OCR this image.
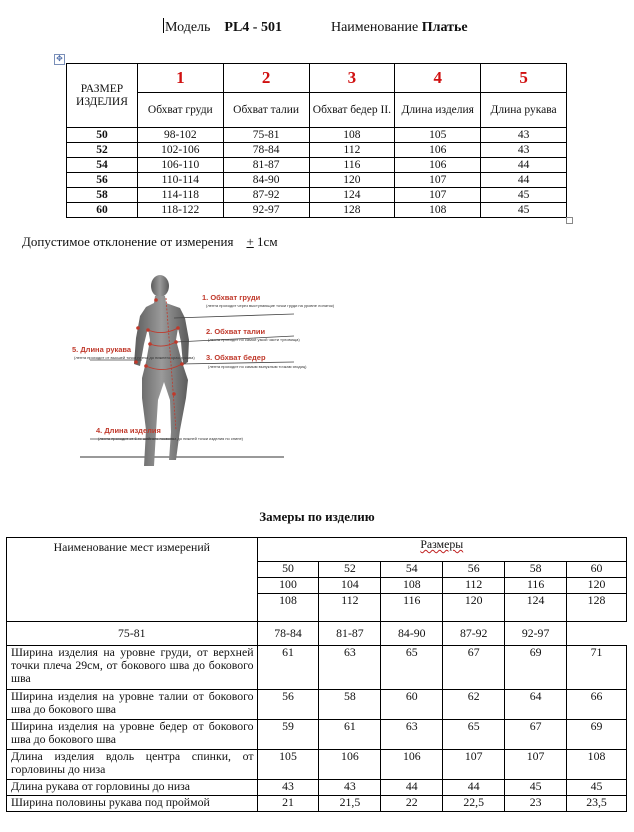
Модель PL4 - 501	Наименование Платье
✥
РАЗМЕР ИЗДЕЛИЯ	1	2	3	4	5
	Обхват груди	Обхват талии	Обхват бедер II.	Длина изделия	Длина рукава
50	98-102	75-81	108	105	43
52	102-106	78-84	112	106	43
54	106-110	81-87	116	106	44
56	110-114	84-90	120	107	44
58	114-118	87-92	124	107	45
60	118-122	92-97	128	108	45
Допустимое отклонение от измерения + 1см
1. Обхват груди
(лента проходит через выступающие точки груди на уровне лопаток)
2. Обхват талии
(лента проходит по самой узкой части туловища)
3. Обхват бедер
(лента проходит по самым выпуклым точкам ягодиц)
5. Длина рукава
(лента проходит от высшей точки плеча до нижнего края рукава)
4. Длина изделия
(лента проходит от 6-го шейного позвонка до нижней точки изделия по спине)
Замеры по изделию
Наименование мест измерений	Размеры					
	50	52	54	56	58	60
	100	104	108	112	116	120
	108	112	116	120	124	128
75-81	78-84	81-87	84-90	87-92	92-97	
Ширина изделия на уровне груди, от верхней точки плеча 29см, от бокового шва до бокового шва	61	63	65	67	69	71
Ширина изделия на уровне талии от бокового шва до бокового шва	56	58	60	62	64	66
Ширина изделия на уровне бедер от бокового шва до бокового шва	59	61	63	65	67	69
Длина изделия вдоль центра спинки, от горловины до низа	105	106	106	107	107	108
Длина рукава от горловины до низа	43	43	44	44	45	45
Ширина половины рукава под проймой	21	21,5	22	22,5	23	23,5
